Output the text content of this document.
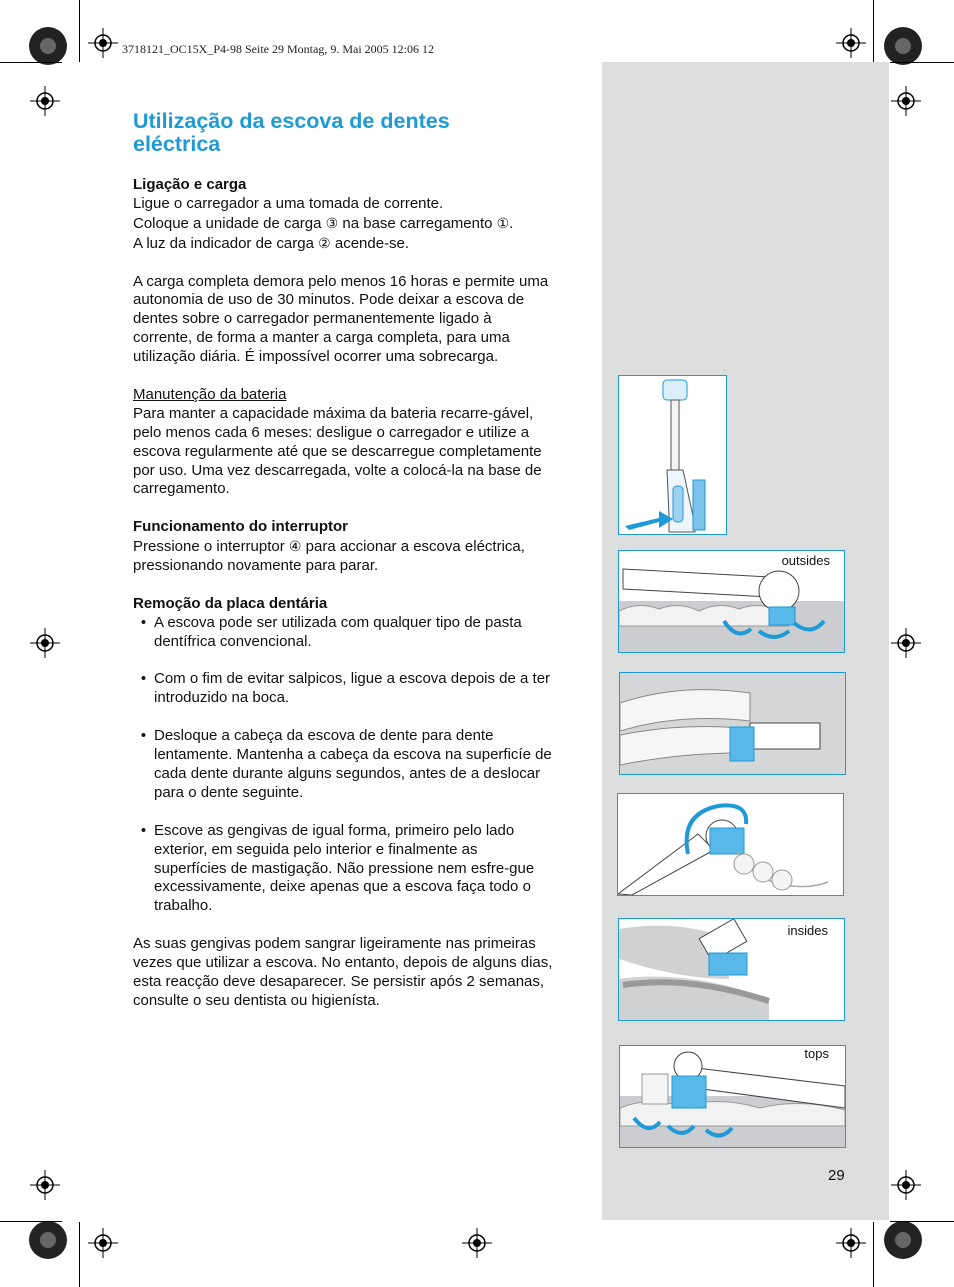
3718121_OC15X_P4-98 Seite 29 Montag, 9. Mai 2005 12:06 12
Utilização da escova de dentes
eléctrica

Ligação e carga

Ligue o carregador a uma tomada de corrente.

Coloque a unidade de carga ③ na base carregamento ①.

A luz da indicador de carga ② acende-se.

A carga completa demora pelo menos 16 horas e permite uma autonomia de uso de 30 minutos. Pode deixar a escova de dentes sobre o carregador permanentemente ligado à corrente, de forma a manter a carga completa, para uma utilização diária. É impossível ocorrer uma sobrecarga.

Manutenção da bateria

Para manter a capacidade máxima da bateria recarre-gável, pelo menos cada 6 meses: desligue o carregador e utilize a escova regularmente até que se descarregue completamente por uso. Uma vez descarregada, volte a colocá-la na base de carregamento.

Funcionamento do interruptor

Pressione o interruptor ④ para accionar a escova eléctrica, pressionando novamente para parar.

Remoção da placa dentária

• A escova pode ser utilizada com qualquer tipo de pasta dentífrica convencional.
• Com o fim de evitar salpicos, ligue a escova depois de a ter introduzido na boca.
• Desloque a cabeça da escova de dente para dente lentamente. Mantenha a cabeça da escova na superficíe de cada dente durante alguns segundos, antes de a deslocar para o dente seguinte.
• Escove as gengivas de igual forma, primeiro pelo lado exterior, em seguida pelo interior e finalmente as superfícies de mastigação. Não pressione nem esfre-gue excessivamente, deixe apenas que a escova faça todo o trabalho.

As suas gengivas podem sangrar ligeiramente nas primeiras vezes que utilizar a escova. No entanto, depois de alguns dias, esta reacção deve desaparecer. Se persistir após 2 semanas, consulte o seu dentista ou higienísta.

outsides
insides
tops
29
